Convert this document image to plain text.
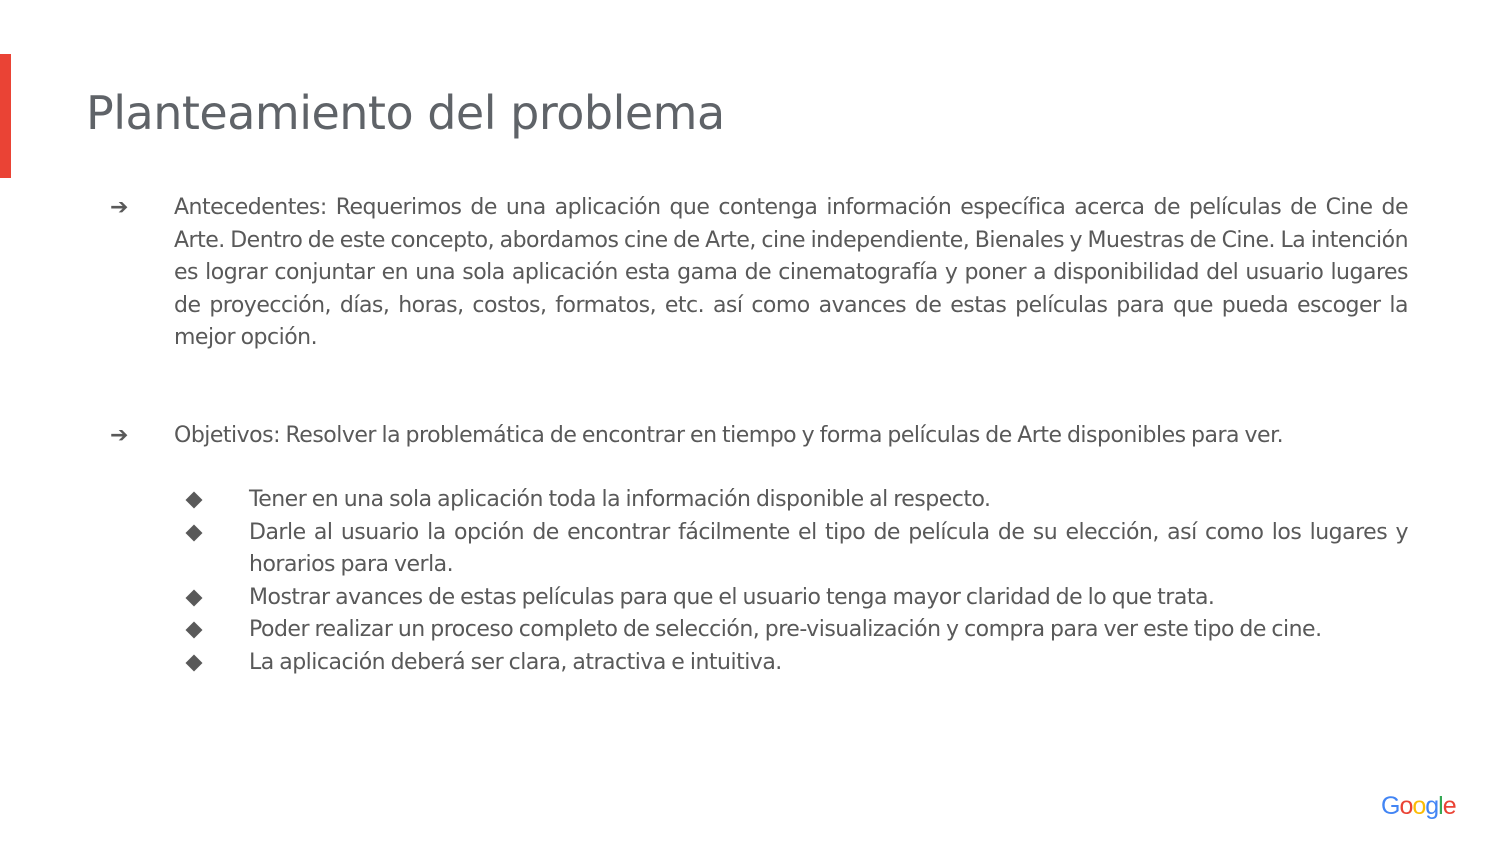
Planteamiento del problema
➔ Antecedentes: Requerimos de una aplicación que contenga información específica acerca de películas de Cine de Arte. Dentro de este concepto, abordamos cine de Arte, cine independiente, Bienales y Muestras de Cine. La intención es lograr conjuntar en una sola aplicación esta gama de cinematografía y poner a disponibilidad del usuario lugares de proyección, días, horas, costos, formatos, etc. así como avances de estas películas para que pueda escoger la mejor opción.
➔ Objetivos: Resolver la problemática de encontrar en tiempo y forma películas de Arte disponibles para ver.
Tener en una sola aplicación toda la información disponible al respecto.
Darle al usuario la opción de encontrar fácilmente el tipo de película de su elección, así como los lugares y horarios para verla.
Mostrar avances de estas películas para que el usuario tenga mayor claridad de lo que trata.
Poder realizar un proceso completo de selección, pre-visualización y compra para ver este tipo de cine.
La aplicación deberá ser clara, atractiva e intuitiva.
Google
